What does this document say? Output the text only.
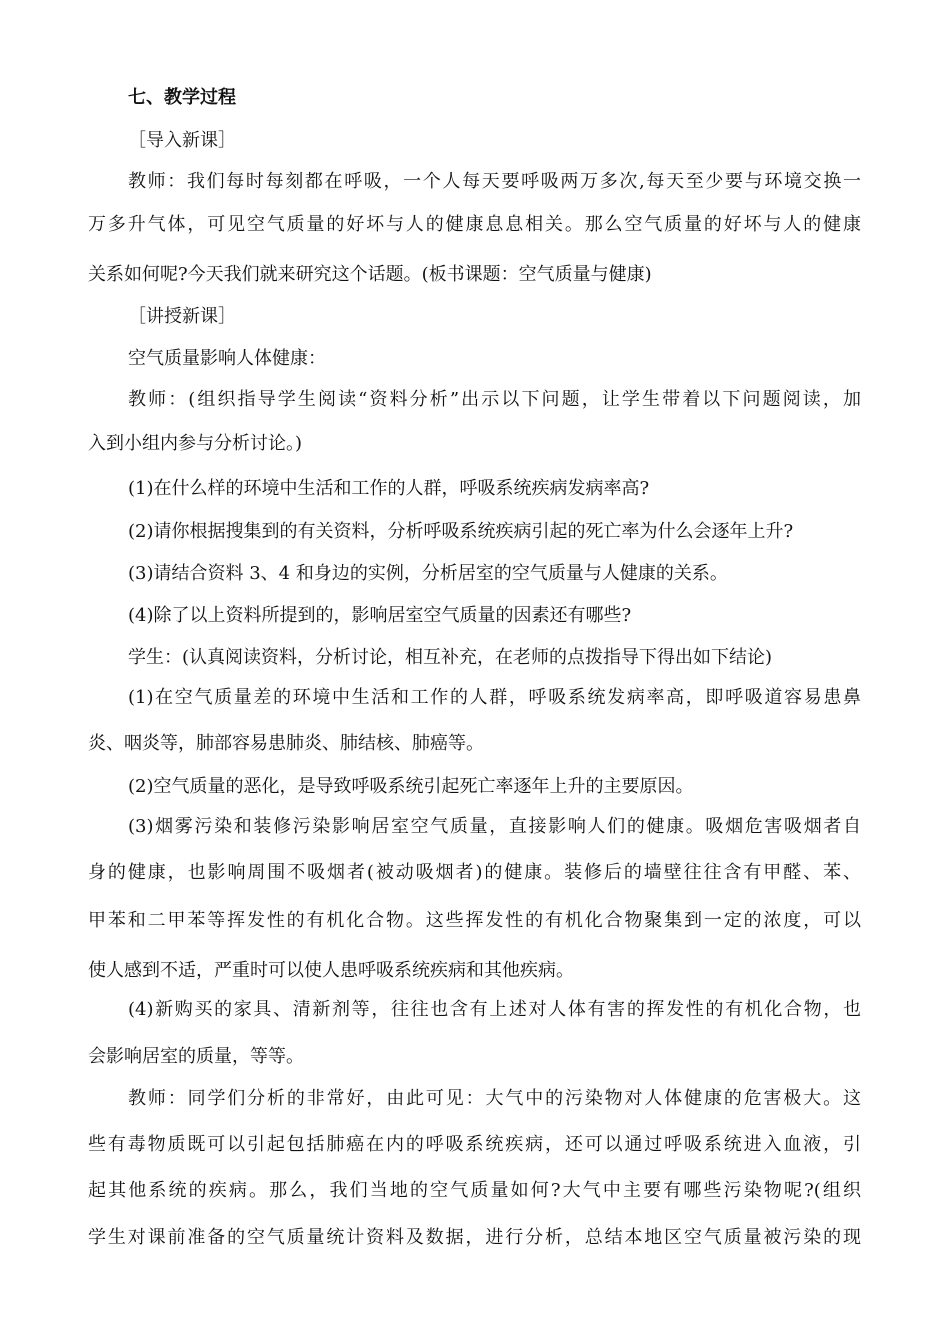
七、教学过程
［导入新课］
教师：我们每时每刻都在呼吸，一个人每天要呼吸两万多次,每天至少要与环境交换一
万多升气体，可见空气质量的好坏与人的健康息息相关。那么空气质量的好坏与人的健康
关系如何呢?今天我们就来研究这个话题。(板书课题：空气质量与健康)
［讲授新课］
空气质量影响人体健康：
教师：(组织指导学生阅读“资料分析”出示以下问题，让学生带着以下问题阅读，加
入到小组内参与分析讨论。)
(1)在什么样的环境中生活和工作的人群，呼吸系统疾病发病率高?
(2)请你根据搜集到的有关资料，分析呼吸系统疾病引起的死亡率为什么会逐年上升?
(3)请结合资料 3、4 和身边的实例，分析居室的空气质量与人健康的关系。
(4)除了以上资料所提到的，影响居室空气质量的因素还有哪些?
学生：(认真阅读资料，分析讨论，相互补充，在老师的点拨指导下得出如下结论)
(1)在空气质量差的环境中生活和工作的人群，呼吸系统发病率高，即呼吸道容易患鼻
炎、咽炎等，肺部容易患肺炎、肺结核、肺癌等。
(2)空气质量的恶化，是导致呼吸系统引起死亡率逐年上升的主要原因。
(3)烟雾污染和装修污染影响居室空气质量，直接影响人们的健康。吸烟危害吸烟者自
身的健康，也影响周围不吸烟者(被动吸烟者)的健康。装修后的墙壁往往含有甲醛、苯、
甲苯和二甲苯等挥发性的有机化合物。这些挥发性的有机化合物聚集到一定的浓度，可以
使人感到不适，严重时可以使人患呼吸系统疾病和其他疾病。
(4)新购买的家具、清新剂等，往往也含有上述对人体有害的挥发性的有机化合物，也
会影响居室的质量，等等。
教师：同学们分析的非常好，由此可见：大气中的污染物对人体健康的危害极大。这
些有毒物质既可以引起包括肺癌在内的呼吸系统疾病，还可以通过呼吸系统进入血液，引
起其他系统的疾病。那么，我们当地的空气质量如何?大气中主要有哪些污染物呢?(组织
学生对课前准备的空气质量统计资料及数据，进行分析，总结本地区空气质量被污染的现
